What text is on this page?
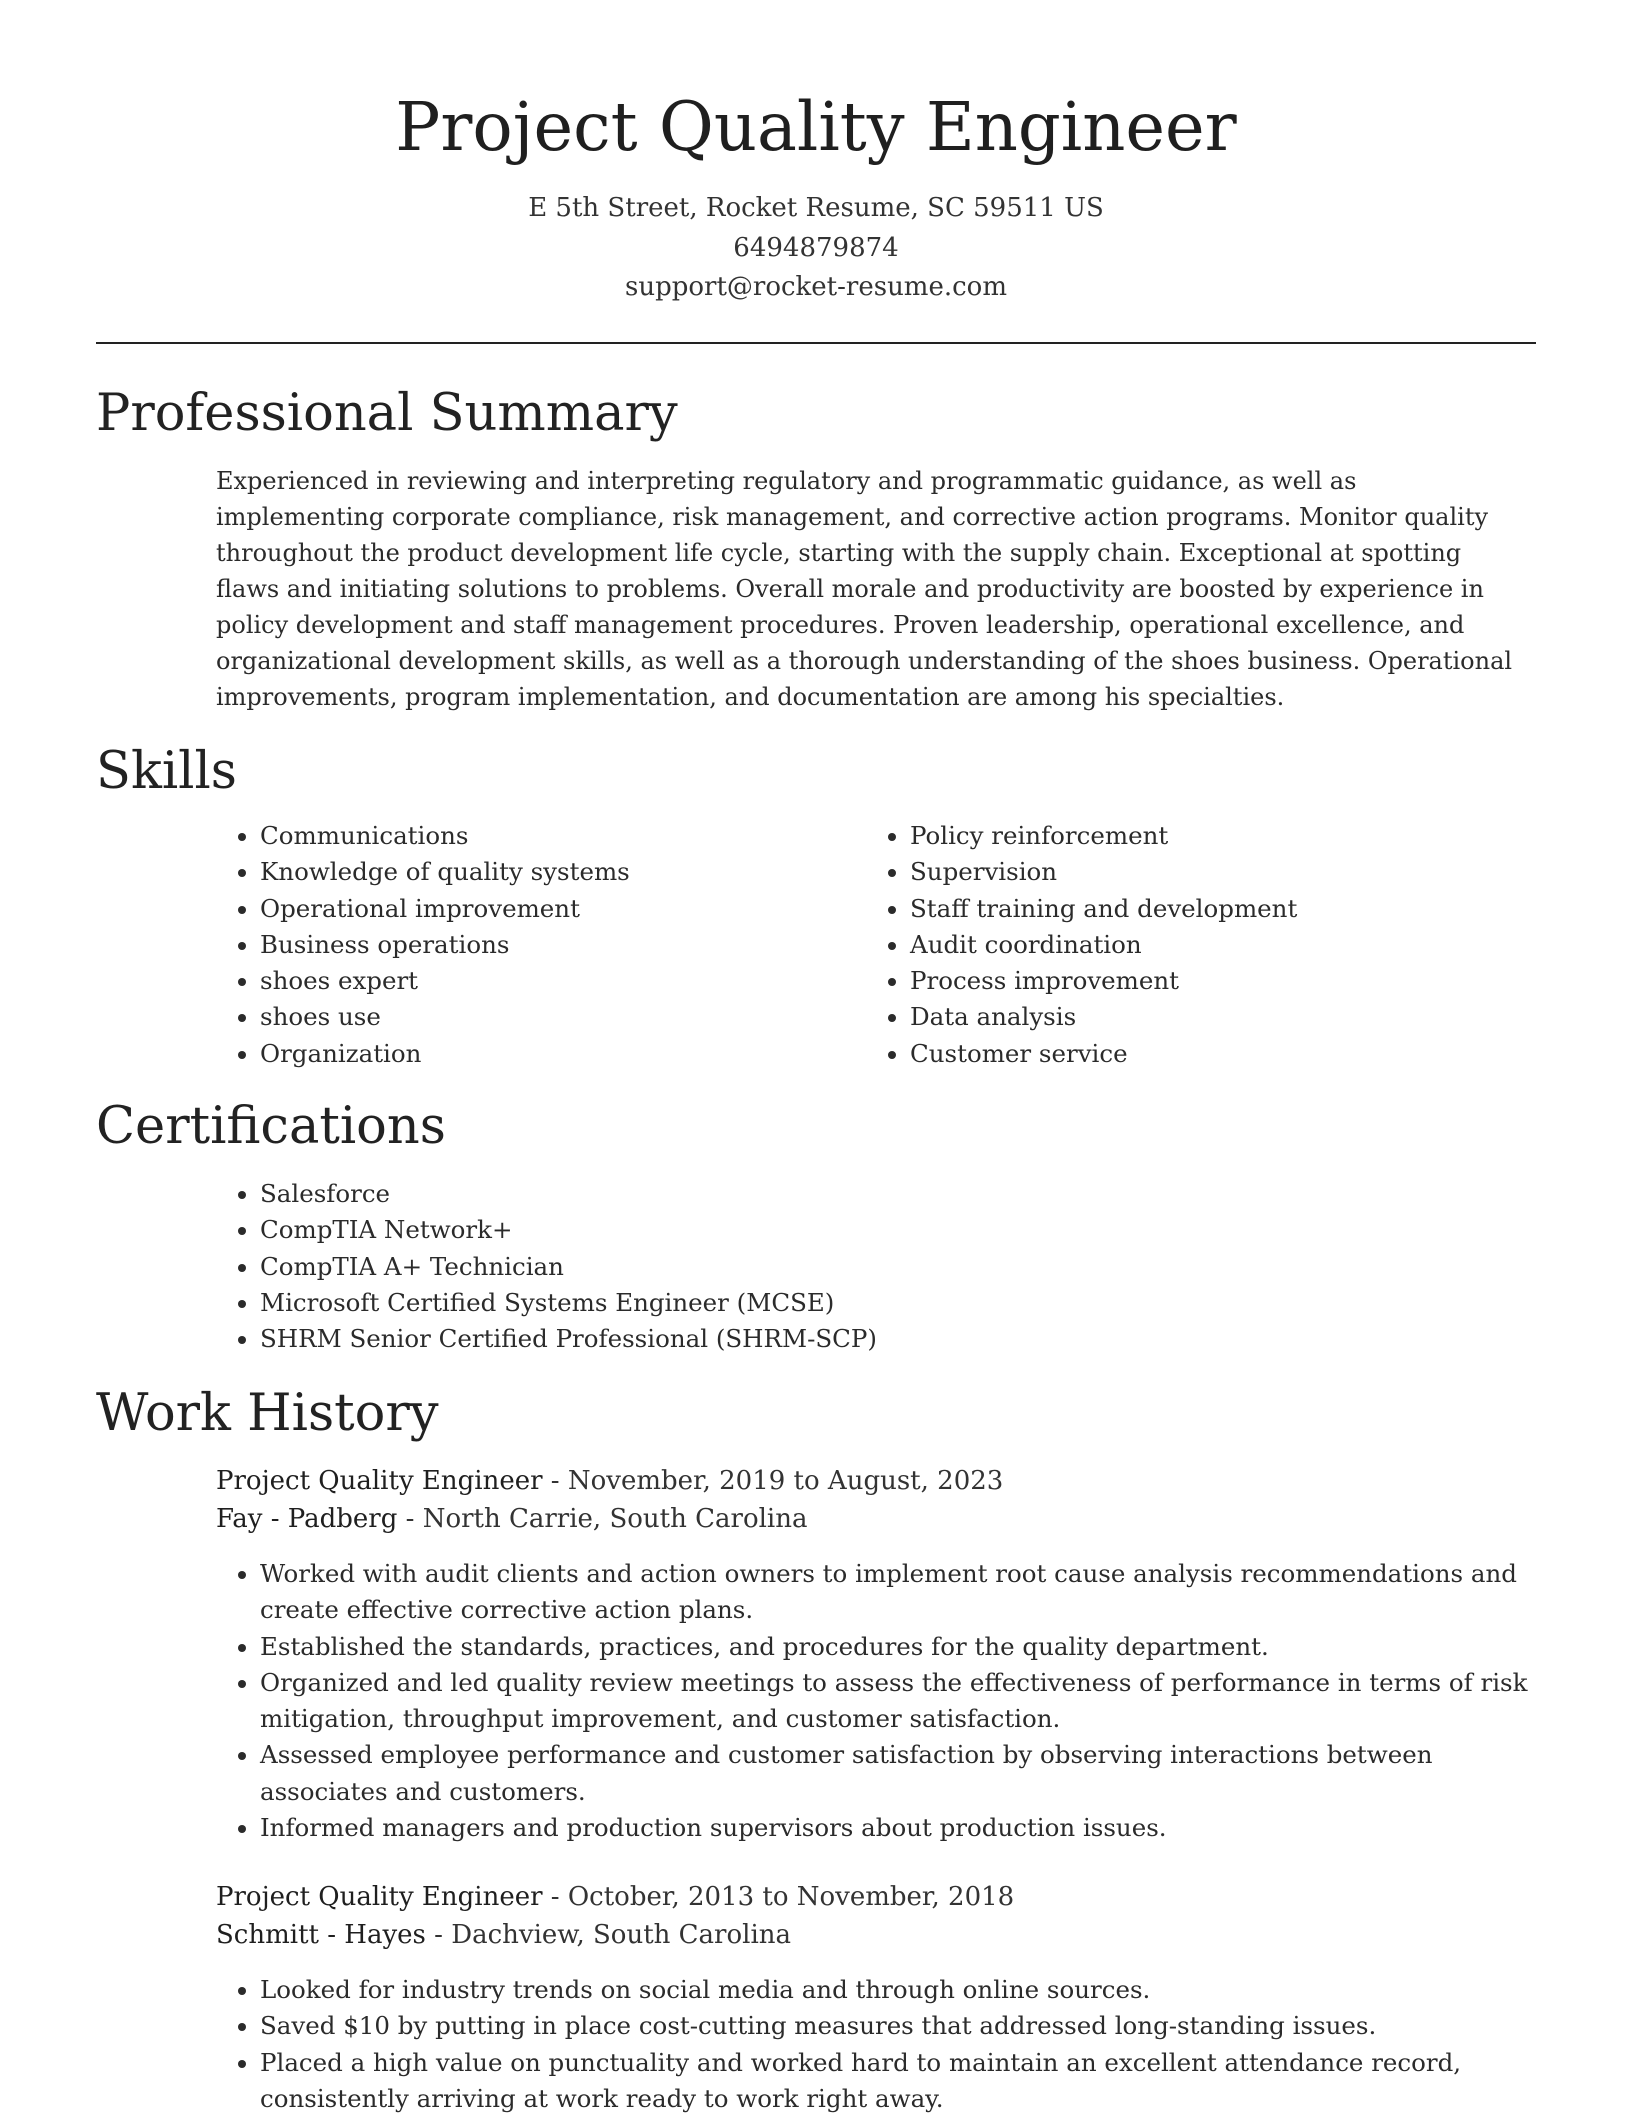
Project Quality Engineer
E 5th Street, Rocket Resume, SC 59511 US
6494879874
support@rocket-resume.com
Professional Summary
Experienced in reviewing and interpreting regulatory and programmatic guidance, as well as implementing corporate compliance, risk management, and corrective action programs. Monitor quality throughout the product development life cycle, starting with the supply chain. Exceptional at spotting flaws and initiating solutions to problems. Overall morale and productivity are boosted by experience in policy development and staff management procedures. Proven leadership, operational excellence, and organizational development skills, as well as a thorough understanding of the shoes business. Operational improvements, program implementation, and documentation are among his specialties.
Skills
• Communications
• Knowledge of quality systems
• Operational improvement
• Business operations
• shoes expert
• shoes use
• Organization
• Policy reinforcement
• Supervision
• Staff training and development
• Audit coordination
• Process improvement
• Data analysis
• Customer service
Certifications
• Salesforce
• CompTIA Network+
• CompTIA A+ Technician
• Microsoft Certified Systems Engineer (MCSE)
• SHRM Senior Certified Professional (SHRM-SCP)
Work History
Project Quality Engineer - November, 2019 to August, 2023
Fay - Padberg - North Carrie, South Carolina
• Worked with audit clients and action owners to implement root cause analysis recommendations and create effective corrective action plans.
• Established the standards, practices, and procedures for the quality department.
• Organized and led quality review meetings to assess the effectiveness of performance in terms of risk mitigation, throughput improvement, and customer satisfaction.
• Assessed employee performance and customer satisfaction by observing interactions between associates and customers.
• Informed managers and production supervisors about production issues.
Project Quality Engineer - October, 2013 to November, 2018
Schmitt - Hayes - Dachview, South Carolina
• Looked for industry trends on social media and through online sources.
• Saved $10 by putting in place cost-cutting measures that addressed long-standing issues.
• Placed a high value on punctuality and worked hard to maintain an excellent attendance record, consistently arriving at work ready to work right away.
